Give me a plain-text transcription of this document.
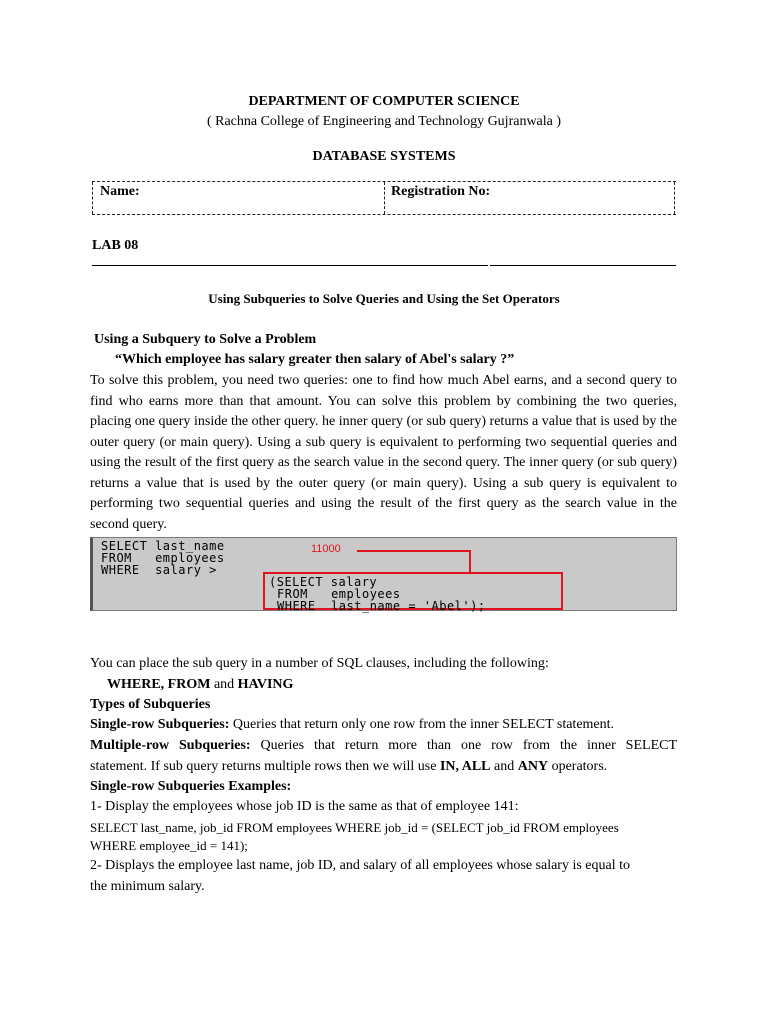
DEPARTMENT OF COMPUTER SCIENCE
( Rachna College of Engineering and Technology Gujranwala )
DATABASE SYSTEMS
Name:	Registration No:
LAB 08
Using Subqueries to Solve Queries and Using the Set Operators
Using a Subquery to Solve a Problem
“Which employee has salary greater then salary of Abel's salary ?”
To solve this problem, you need two queries: one to find how much Abel earns, and a second query to find who earns more than that amount. You can solve this problem by combining the two queries, placing one query inside the other query. he inner query (or sub query) returns a value that is used by the outer query (or main query). Using a sub query is equivalent to performing two sequential queries and using the result of the first query as the search value in the second query. The inner query (or sub query) returns a value that is used by the outer query (or main query). Using a sub query is equivalent to performing two sequential queries and using the result of the first query as the search value in the second query.
SELECT last_name
FROM   employees
WHERE  salary >
11000
(SELECT salary
FROM   employees
WHERE  last_name = 'Abel');
You can place the sub query in a number of SQL clauses, including the following:
WHERE, FROM and HAVING
Types of Subqueries
Single-row Subqueries: Queries that return only one row from the inner SELECT statement.
Multiple-row Subqueries: Queries that return more than one row from the inner SELECT
statement. If sub query returns multiple rows then we will use IN, ALL and ANY operators.
Single-row Subqueries Examples:
1- Display the employees whose job ID is the same as that of employee 141:
SELECT last_name, job_id FROM employees WHERE job_id = (SELECT job_id FROM employees
WHERE employee_id = 141);
2- Displays the employee last name, job ID, and salary of all employees whose salary is equal to
the minimum salary.
